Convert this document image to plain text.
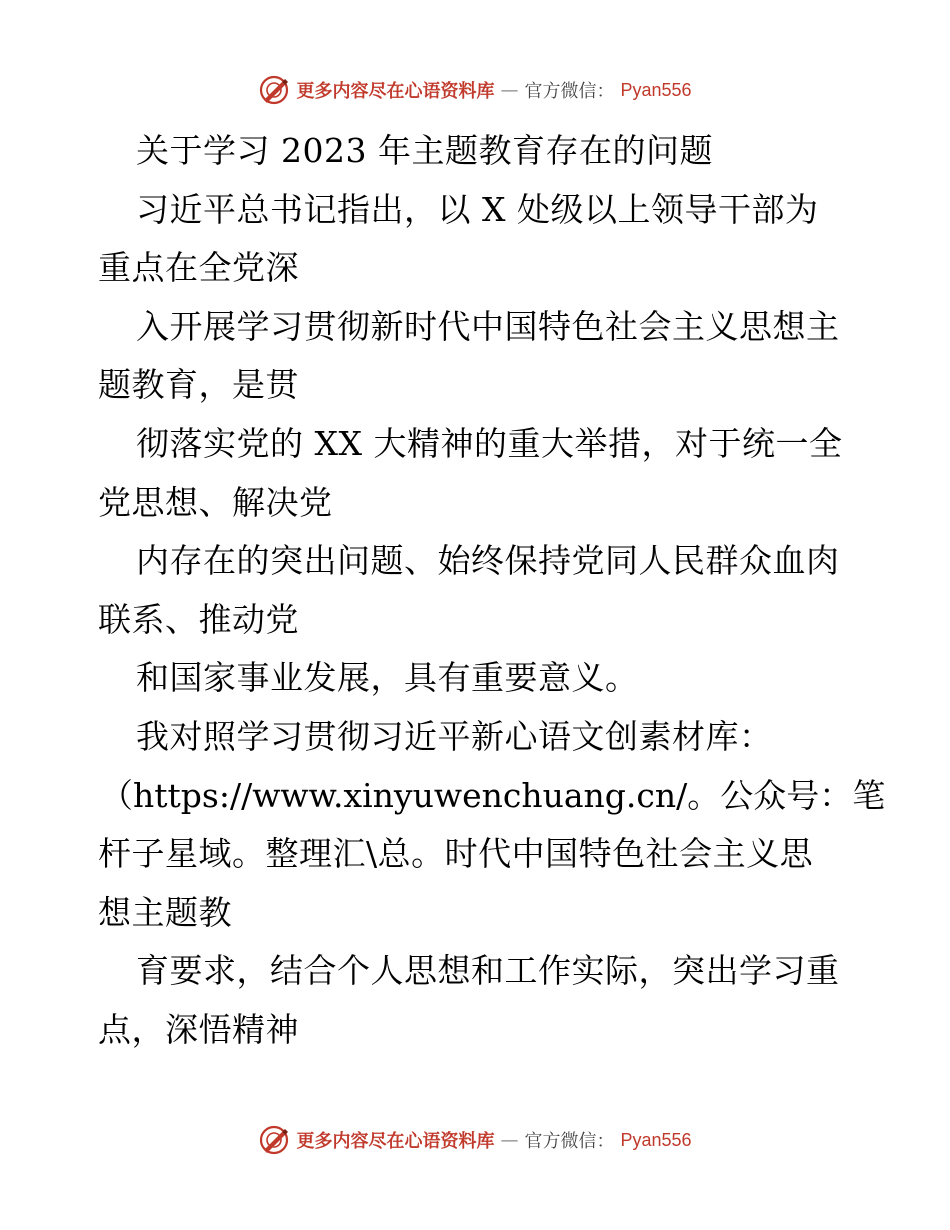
更多内容尽在心语资料库 — 官方微信： Pyan556
关于学习 2023 年主题教育存在的问题
习近平总书记指出，以 X 处级以上领导干部为
重点在全党深
入开展学习贯彻新时代中国特色社会主义思想主
题教育，是贯
彻落实党的 XX 大精神的重大举措，对于统一全
党思想、解决党
内存在的突出问题、始终保持党同人民群众血肉
联系、推动党
和国家事业发展，具有重要意义。
我对照学习贯彻习近平新心语文创素材库：
（https://www.xinyuwenchuang.cn/。公众号：笔
杆子星域。整理汇\总。时代中国特色社会主义思
想主题教
育要求，结合个人思想和工作实际，突出学习重
点，深悟精神
更多内容尽在心语资料库 — 官方微信： Pyan556
